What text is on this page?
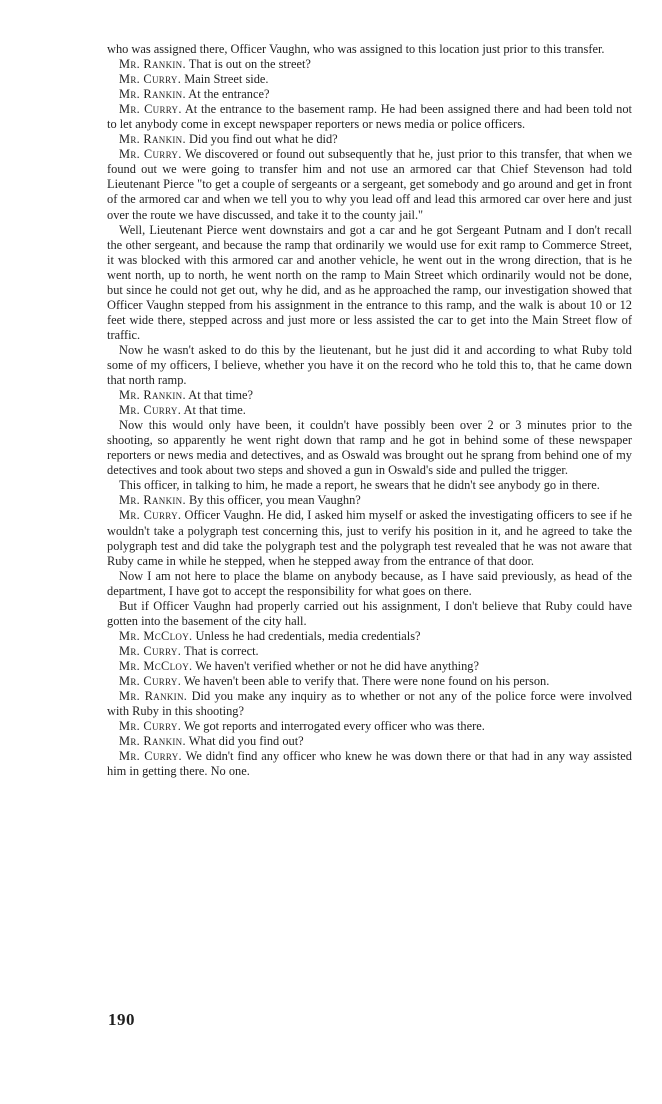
who was assigned there, Officer Vaughn, who was assigned to this location just prior to this transfer.

Mr. Rankin. That is out on the street?

Mr. Curry. Main Street side.

Mr. Rankin. At the entrance?

Mr. Curry. At the entrance to the basement ramp. He had been assigned there and had been told not to let anybody come in except newspaper reporters or news media or police officers.

Mr. Rankin. Did you find out what he did?

Mr. Curry. We discovered or found out subsequently that he, just prior to this transfer, that when we found out we were going to transfer him and not use an armored car that Chief Stevenson had told Lieutenant Pierce "to get a couple of sergeants or a sergeant, get somebody and go around and get in front of the armored car and when we tell you to why you lead off and lead this armored car over here and just over the route we have discussed, and take it to the county jail."

Well, Lieutenant Pierce went downstairs and got a car and he got Sergeant Putnam and I don't recall the other sergeant, and because the ramp that ordinarily we would use for exit ramp to Commerce Street, it was blocked with this armored car and another vehicle, he went out in the wrong direction, that is he went north, up to north, he went north on the ramp to Main Street which ordinarily would not be done, but since he could not get out, why he did, and as he approached the ramp, our investigation showed that Officer Vaughn stepped from his assignment in the entrance to this ramp, and the walk is about 10 or 12 feet wide there, stepped across and just more or less assisted the car to get into the Main Street flow of traffic.

Now he wasn't asked to do this by the lieutenant, but he just did it and according to what Ruby told some of my officers, I believe, whether you have it on the record who he told this to, that he came down that north ramp.

Mr. Rankin. At that time?

Mr. Curry. At that time.

Now this would only have been, it couldn't have possibly been over 2 or 3 minutes prior to the shooting, so apparently he went right down that ramp and he got in behind some of these newspaper reporters or news media and detectives, and as Oswald was brought out he sprang from behind one of my detectives and took about two steps and shoved a gun in Oswald's side and pulled the trigger.

This officer, in talking to him, he made a report, he swears that he didn't see anybody go in there.

Mr. Rankin. By this officer, you mean Vaughn?

Mr. Curry. Officer Vaughn. He did, I asked him myself or asked the investigating officers to see if he wouldn't take a polygraph test concerning this, just to verify his position in it, and he agreed to take the polygraph test and did take the polygraph test and the polygraph test revealed that he was not aware that Ruby came in while he stepped, when he stepped away from the entrance of that door.

Now I am not here to place the blame on anybody because, as I have said previously, as head of the department, I have got to accept the responsibility for what goes on there.

But if Officer Vaughn had properly carried out his assignment, I don't believe that Ruby could have gotten into the basement of the city hall.

Mr. McCloy. Unless he had credentials, media credentials?

Mr. Curry. That is correct.

Mr. McCloy. We haven't verified whether or not he did have anything?

Mr. Curry. We haven't been able to verify that. There were none found on his person.

Mr. Rankin. Did you make any inquiry as to whether or not any of the police force were involved with Ruby in this shooting?

Mr. Curry. We got reports and interrogated every officer who was there.

Mr. Rankin. What did you find out?

Mr. Curry. We didn't find any officer who knew he was down there or that had in any way assisted him in getting there. No one.

190
